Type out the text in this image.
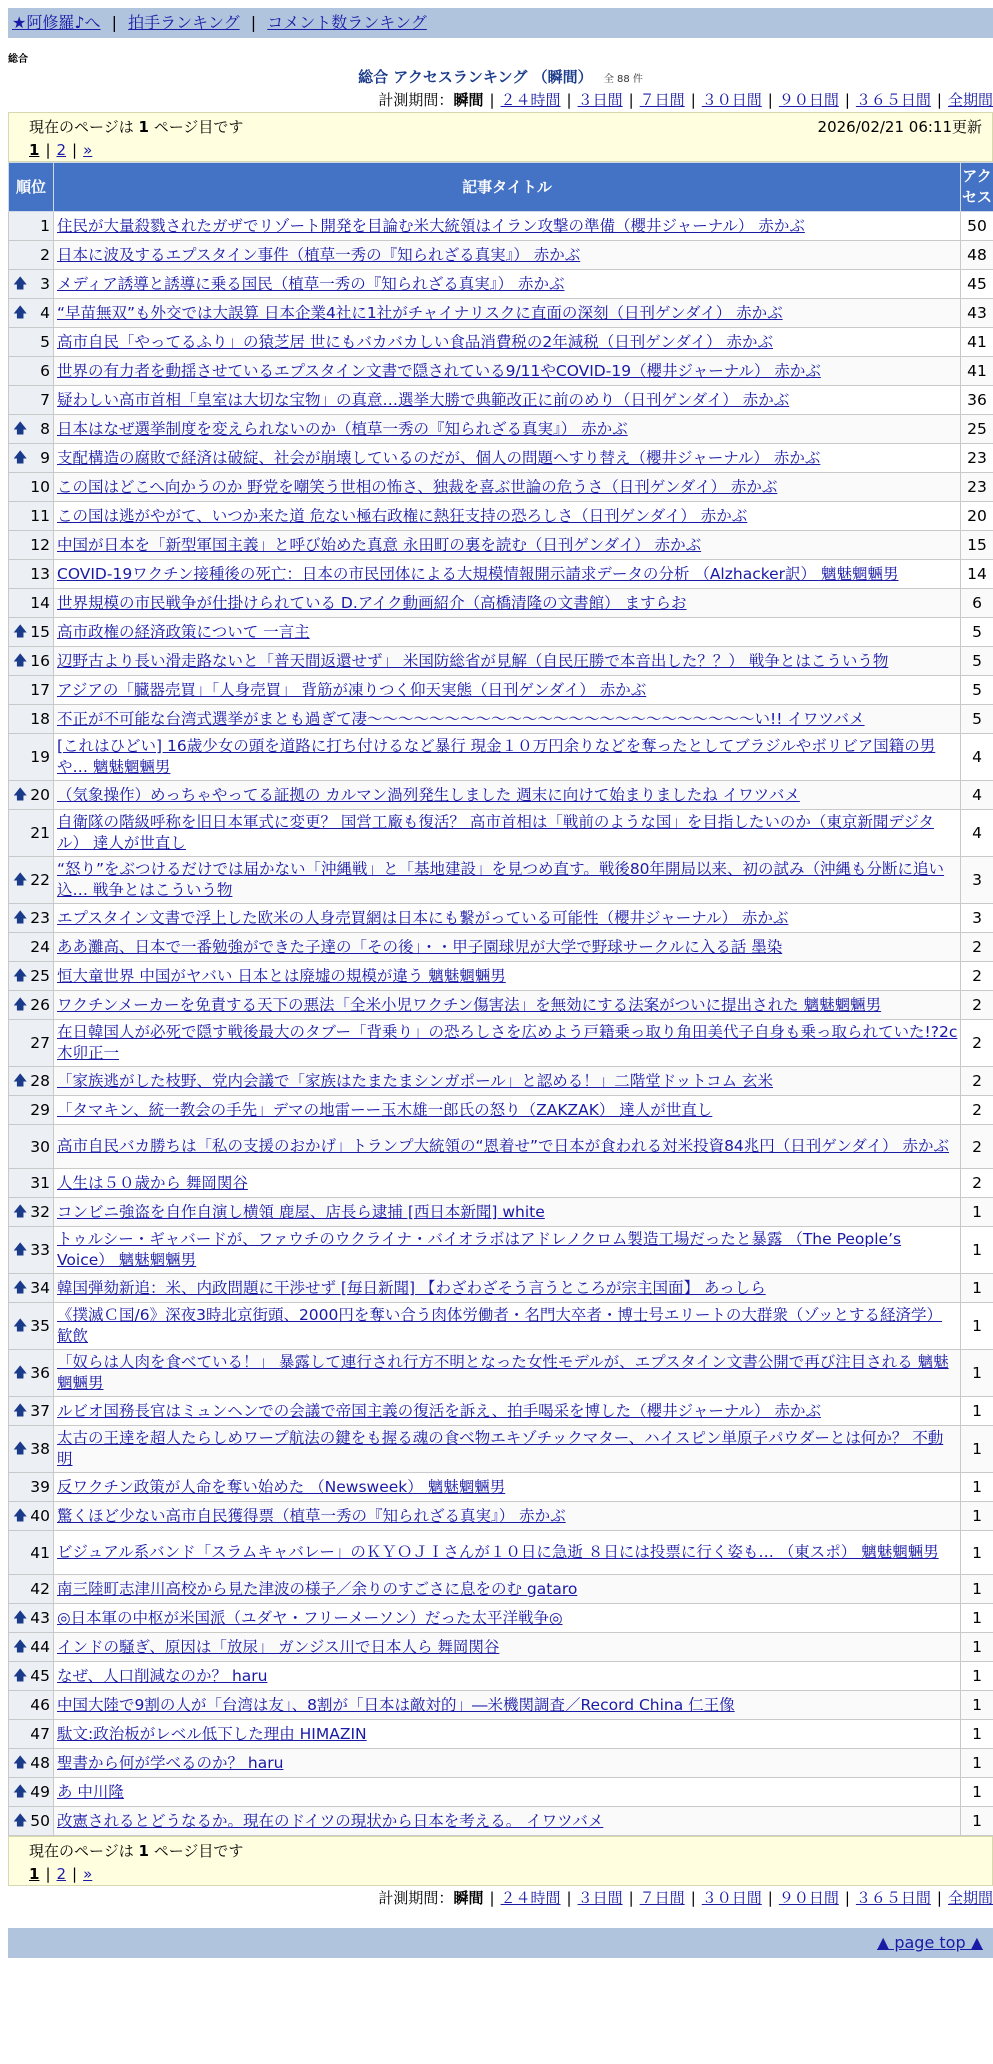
★阿修羅♪へ | 拍手ランキング | コメント数ランキング
総合
総合 アクセスランキング （瞬間） 全 88 件
計測期間：瞬間 | ２４時間 | ３日間 | ７日間 | ３０日間 | ９０日間 | ３６５日間 | 全期間
現在のページは 1 ページ目です	2026/02/21 06:11更新
1 | 2 | »
順位	記事タイトル	アクセス
1	住民が大量殺戮されたガザでリゾート開発を目論む米大統領はイラン攻撃の準備（櫻井ジャーナル） 赤かぶ	50
2	日本に波及するエプスタイン事件（植草一秀の『知られざる真実』） 赤かぶ	48

🡅 3	メディア誘導と誘導に乗る国民（植草一秀の『知られざる真実』） 赤かぶ	45

🡅 4	“早苗無双”も外交では大誤算 日本企業4社に1社がチャイナリスクに直面の深刻（日刊ゲンダイ） 赤かぶ	43
5	高市自民「やってるふり」の猿芝居 世にもバカバカしい食品消費税の2年減税（日刊ゲンダイ） 赤かぶ	41
6	世界の有力者を動揺させているエプスタイン文書で隠されている9/11やCOVID-19（櫻井ジャーナル） 赤かぶ	41
7	疑わしい高市首相「皇室は大切な宝物」の真意…選挙大勝で典範改正に前のめり（日刊ゲンダイ） 赤かぶ	36

🡅 8	日本はなぜ選挙制度を変えられないのか（植草一秀の『知られざる真実』） 赤かぶ	25

🡅 9	支配構造の腐敗で経済は破綻、社会が崩壊しているのだが、個人の問題へすり替え（櫻井ジャーナル） 赤かぶ	23
10	この国はどこへ向かうのか 野党を嘲笑う世相の怖さ、独裁を喜ぶ世論の危うさ（日刊ゲンダイ） 赤かぶ	23
11	この国は逃がやがて、いつか来た道 危ない極右政権に熱狂支持の恐ろしさ（日刊ゲンダイ） 赤かぶ	20
12	中国が日本を「新型軍国主義」と呼び始めた真意 永田町の裏を読む（日刊ゲンダイ） 赤かぶ	15
13	COVID-19ワクチン接種後の死亡：日本の市民団体による大規模情報開示請求データの分析 （Alzhacker訳） 魑魅魍魎男	14
14	世界規模の市民戦争が仕掛けられている D.アイク動画紹介（高橋清隆の文書館） ますらお	6

🡅 15	高市政権の経済政策について 一言主	5

🡅 16	辺野古より長い滑走路ないと「普天間返還せず」 米国防総省が見解（自民圧勝で本音出した？？） 戦争とはこういう物	5
17	アジアの「臓器売買」「人身売買」 背筋が凍りつく仰天実態（日刊ゲンダイ） 赤かぶ	5
18	不正が不可能な台湾式選挙がまとも過ぎて凄〜〜〜〜〜〜〜〜〜〜〜〜〜〜〜〜〜〜〜〜〜〜〜〜〜い!! イワツバメ	5
19	[これはひどい] 16歳少女の頭を道路に打ち付けるなど暴行 現金１０万円余りなどを奪ったとしてブラジルやボリビア国籍の男や… 魑魅魍魎男	4

🡅 20	（気象操作）めっちゃやってる証拠の カルマン渦列発生しました 週末に向けて始まりましたね イワツバメ	4
21	自衛隊の階級呼称を旧日本軍式に変更？ 国営工廠も復活？ 高市首相は「戦前のような国」を目指したいのか（東京新聞デジタル） 達人が世直し	4

🡅 22	“怒り”をぶつけるだけでは届かない「沖縄戦」と「基地建設」を見つめ直す。戦後80年開局以来、初の試み（沖縄も分断に追い込… 戦争とはこういう物	3

🡅 23	エプスタイン文書で浮上した欧米の人身売買網は日本にも繋がっている可能性（櫻井ジャーナル） 赤かぶ	3
24	ああ灘高、日本で一番勉強ができた子達の「その後」・・甲子園球児が大学で野球サークルに入る話 墨染	2

🡅 25	恒大童世界 中国がヤバい 日本とは廃墟の規模が違う 魑魅魍魎男	2

🡅 26	ワクチンメーカーを免責する天下の悪法「全米小児ワクチン傷害法」を無効にする法案がついに提出された 魑魅魍魎男	2
27	在日韓国人が必死で隠す戦後最大のタブー「背乗り」の恐ろしさを広めよう戸籍乗っ取り角田美代子自身も乗っ取られていた!?2c 木卯正一	2

🡅 28	「家族逃がした枝野、党内会議で「家族はたまたまシンガポール」と認める！」二階堂ドットコム 玄米	2
29	「タマキン、統一教会の手先」デマの地雷ーー玉木雄一郎氏の怒り（ZAKZAK） 達人が世直し	2
30	高市自民バカ勝ちは「私の支援のおかげ」トランプ大統領の“恩着せ”で日本が食われる対米投資84兆円（日刊ゲンダイ） 赤かぶ	2
31	人生は５０歳から 舞岡関谷	2

🡅 32	コンビニ強盗を自作自演し横領 鹿屋、店長ら逮捕 [西日本新聞] white	1

🡅 33	トゥルシー・ギャバードが、ファウチのウクライナ・バイオラボはアドレノクロム製造工場だったと暴露 （The People’s Voice） 魑魅魍魎男	1

🡅 34	韓国弾劾新追：米、内政問題に干渉せず [毎日新聞] 【わざわざそう言うところが宗主国面】 あっしら	1

🡅 35	《撲滅Ｃ国/6》深夜3時北京街頭、2000円を奪い合う肉体労働者・名門大卒者・博士号エリートの大群衆（ゾッとする経済学） 歓飲	1

🡅 36	「奴らは人肉を食べている！」 暴露して連行され行方不明となった女性モデルが、エプスタイン文書公開で再び注目される 魑魅魍魎男	1

🡅 37	ルビオ国務長官はミュンヘンでの会議で帝国主義の復活を訴え、拍手喝采を博した（櫻井ジャーナル） 赤かぶ	1

🡅 38	太古の王達を超人たらしめワープ航法の鍵をも握る魂の食べ物エキゾチックマター、ハイスピン単原子パウダーとは何か？ 不動明	1
39	反ワクチン政策が人命を奪い始めた （Newsweek） 魑魅魍魎男	1

🡅 40	驚くほど少ない高市自民獲得票（植草一秀の『知られざる真実』） 赤かぶ	1
41	ビジュアル系バンド「スラムキャバレー」のＫＹＯＪＩさんが１０日に急逝 ８日には投票に行く姿も… （東スポ） 魑魅魍魎男	1
42	南三陸町志津川高校から見た津波の様子／余りのすごさに息をのむ gataro	1

🡅 43	◎日本軍の中枢が米国派（ユダヤ・フリーメーソン）だった太平洋戦争◎	1

🡅 44	インドの騒ぎ、原因は「放尿」 ガンジス川で日本人ら 舞岡関谷	1

🡅 45	なぜ、人口削減なのか？ haru	1
46	中国大陸で9割の人が「台湾は友」、8割が「日本は敵対的」―米機関調査／Record China 仁王像	1
47	駄文:政治板がレベル低下した理由 HIMAZIN	1

🡅 48	聖書から何が学べるのか？ haru	1

🡅 49	あ 中川隆	1

🡅 50	改憲されるとどうなるか。現在のドイツの現状から日本を考える。 イワツバメ	1
現在のページは 1 ページ目です
1 | 2 | »
計測期間：瞬間 | ２４時間 | ３日間 | ７日間 | ３０日間 | ９０日間 | ３６５日間 | 全期間
▲ page top ▲
